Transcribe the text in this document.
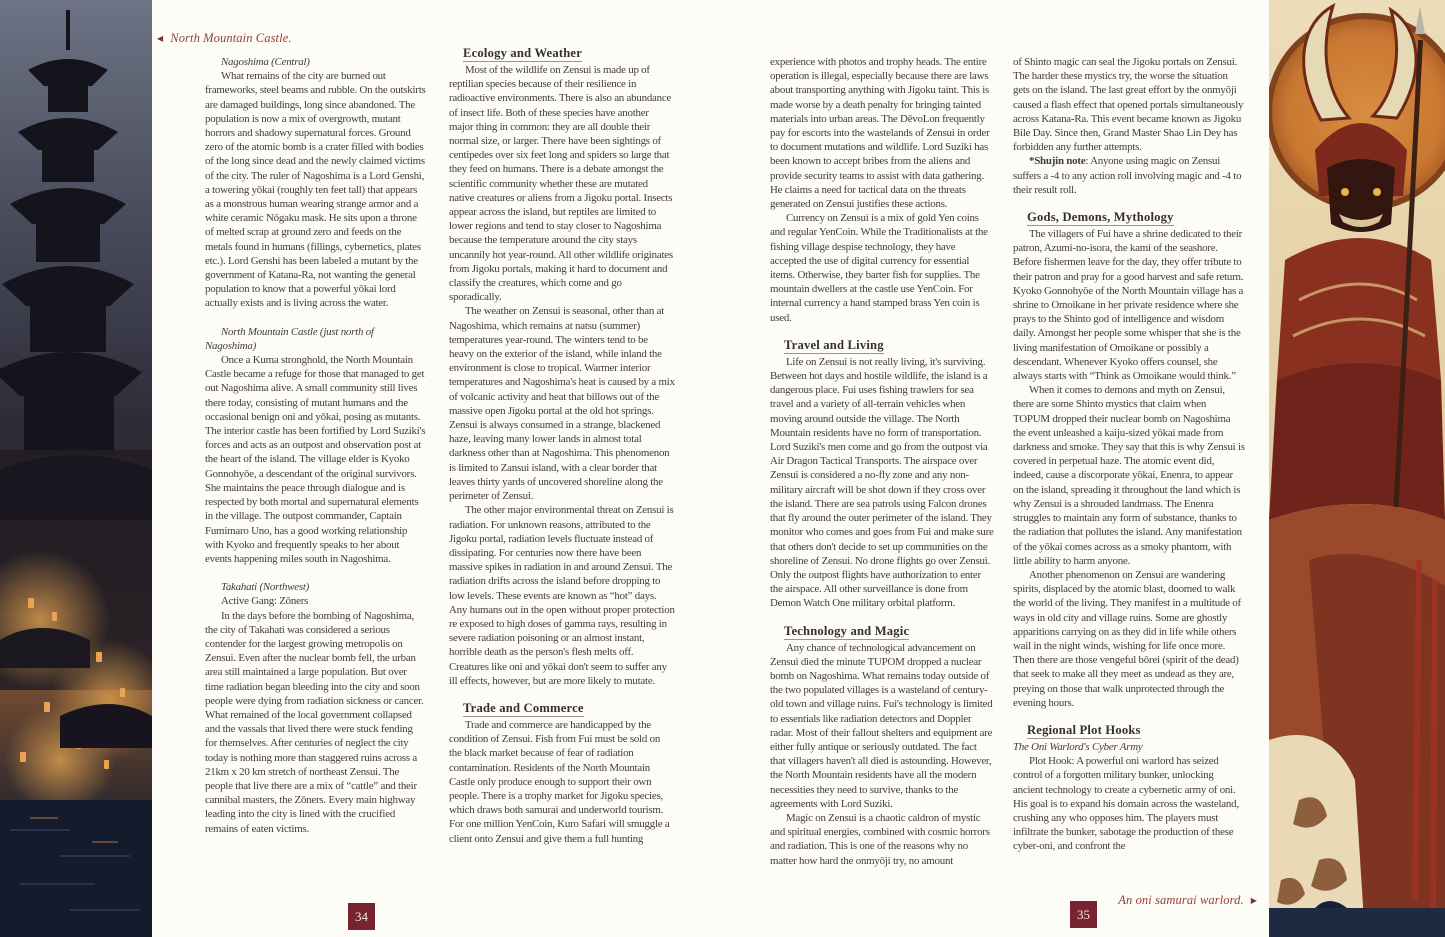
◀ North Mountain Castle.

Nagoshima (Central)

What remains of the city are burned out frameworks, steel beams and rubble. On the outskirts are damaged buildings, long since abandoned. The population is now a mix of overgrowth, mutant horrors and shadowy supernatural forces. Ground zero of the atomic bomb is a crater filled with bodies of the long since dead and the newly claimed victims of the city. The ruler of Nagoshima is a Lord Genshi, a towering yōkai (roughly ten feet tall) that appears as a monstrous human wearing strange armor and a white ceramic Nōgaku mask. He sits upon a throne of melted scrap at ground zero and feeds on the metals found in humans (fillings, cybernetics, plates etc.). Lord Genshi has been labeled a mutant by the government of Katana-Ra, not wanting the general population to know that a powerful yōkai lord actually exists and is living across the water.

North Mountain Castle (just north of Nagoshima)

Once a Kuma stronghold, the North Mountain Castle became a refuge for those that managed to get out Nagoshima alive. A small community still lives there today, consisting of mutant humans and the occasional benign oni and yōkai, posing as mutants. The interior castle has been fortified by Lord Suziki's forces and acts as an outpost and observation post at the heart of the island. The village elder is Kyoko Gonnohyōe, a descendant of the original survivors. She maintains the peace through dialogue and is respected by both mortal and supernatural elements in the village. The outpost commander, Captain Fumimaro Uno, has a good working relationship with Kyoko and frequently speaks to her about events happening miles south in Nagoshima.

Takahati (Northwest)

Active Gang: Zōners

In the days before the bombing of Nagoshima, the city of Takahati was considered a serious contender for the largest growing metropolis on Zensui. Even after the nuclear bomb fell, the urban area still maintained a large population. But over time radiation began bleeding into the city and soon people were dying from radiation sickness or cancer. What remained of the local government collapsed and the vassals that lived there were stuck fending for themselves. After centuries of neglect the city today is nothing more than staggered ruins across a 21km x 20 km stretch of northeast Zensui. The people that live there are a mix of “cattle” and their cannibal masters, the Zōners. Every main highway leading into the city is lined with the crucified remains of eaten victims.

Ecology and Weather

Most of the wildlife on Zensui is made up of reptilian species because of their resilience in radioactive environments. There is also an abundance of insect life. Both of these species have another major thing in common: they are all double their normal size, or larger. There have been sightings of centipedes over six feet long and spiders so large that they feed on humans. There is a debate amongst the scientific community whether these are mutated native creatures or aliens from a Jigoku portal. Insects appear across the island, but reptiles are limited to lower regions and tend to stay closer to Nagoshima because the temperature around the city stays uncannily hot year-round. All other wildlife originates from Jigoku portals, making it hard to document and classify the creatures, which come and go sporadically.

The weather on Zensui is seasonal, other than at Nagoshima, which remains at natsu (summer) temperatures year-round. The winters tend to be heavy on the exterior of the island, while inland the environment is close to tropical. Warmer interior temperatures and Nagoshima's heat is caused by a mix of volcanic activity and heat that billows out of the massive open Jigoku portal at the old hot springs. Zensui is always consumed in a strange, blackened haze, leaving many lower lands in almost total darkness other than at Nagoshima. This phenomenon is limited to Zansui island, with a clear border that leaves thirty yards of uncovered shoreline along the perimeter of Zensui.

The other major environmental threat on Zensui is radiation. For unknown reasons, attributed to the Jigoku portal, radiation levels fluctuate instead of dissipating. For centuries now there have been massive spikes in radiation in and around Zensui. The radiation drifts across the island before dropping to low levels. These events are known as “hot” days. Any humans out in the open without proper protection re exposed to high doses of gamma rays, resulting in severe radiation poisoning or an almost instant, horrible death as the person's flesh melts off. Creatures like oni and yōkai don't seem to suffer any ill effects, however, but are more likely to mutate.

Trade and Commerce

Trade and commerce are handicapped by the condition of Zensui. Fish from Fui must be sold on the black market because of fear of radiation contamination. Residents of the North Mountain Castle only produce enough to support their own people. There is a trophy market for Jigoku species, which draws both samurai and underworld tourism. For one million YenCoin, Kuro Safari will smuggle a client onto Zensui and give them a full hunting

experience with photos and trophy heads. The entire operation is illegal, especially because there are laws about transporting anything with Jigoku taint. This is made worse by a death penalty for bringing tainted materials into urban areas. The DēvoLon frequently pay for escorts into the wastelands of Zensui in order to document mutations and wildlife. Lord Suziki has been known to accept bribes from the aliens and provide security teams to assist with data gathering. He claims a need for tactical data on the threats generated on Zensui justifies these actions.

Currency on Zensui is a mix of gold Yen coins and regular YenCoin. While the Traditionalists at the fishing village despise technology, they have accepted the use of digital currency for essential items. Otherwise, they barter fish for supplies. The mountain dwellers at the castle use YenCoin. For internal currency a hand stamped brass Yen coin is used.

Travel and Living

Life on Zensui is not really living, it's surviving. Between hot days and hostile wildlife, the island is a dangerous place. Fui uses fishing trawlers for sea travel and a variety of all-terrain vehicles when moving around outside the village. The North Mountain residents have no form of transportation. Lord Suziki's men come and go from the outpost via Air Dragon Tactical Transports. The airspace over Zensui is considered a no-fly zone and any non-military aircraft will be shot down if they cross over the island. There are sea patrols using Falcon drones that fly around the outer perimeter of the island. They monitor who comes and goes from Fui and make sure that others don't decide to set up communities on the shoreline of Zensui. No drone flights go over Zensui. Only the outpost flights have authorization to enter the airspace. All other surveillance is done from Demon Watch One military orbital platform.

Technology and Magic

Any chance of technological advancement on Zensui died the minute TUPOM dropped a nuclear bomb on Nagoshima. What remains today outside of the two populated villages is a wasteland of century-old town and village ruins. Fui's technology is limited to essentials like radiation detectors and Doppler radar. Most of their fallout shelters and equipment are either fully antique or seriously outdated. The fact that villagers haven't all died is astounding. However, the North Mountain residents have all the modern necessities they need to survive, thanks to the agreements with Lord Suziki.

Magic on Zensui is a chaotic caldron of mystic and spiritual energies, combined with cosmic horrors and radiation. This is one of the reasons why no matter how hard the onmyōji try, no amount

of Shinto magic can seal the Jigoku portals on Zensui. The harder these mystics try, the worse the situation gets on the island. The last great effort by the onmyōji caused a flash effect that opened portals simultaneously across Katana-Ra. This event became known as Jigoku Bile Day. Since then, Grand Master Shao Lin Dey has forbidden any further attempts.

*Shujin note: Anyone using magic on Zensui suffers a -4 to any action roll involving magic and -4 to their result roll.

Gods, Demons, Mythology

The villagers of Fui have a shrine dedicated to their patron, Azumi-no-isora, the kami of the seashore. Before fishermen leave for the day, they offer tribute to their patron and pray for a good harvest and safe return. Kyoko Gonnohyōe of the North Mountain village has a shrine to Omoikane in her private residence where she prays to the Shinto god of intelligence and wisdom daily. Amongst her people some whisper that she is the living manifestation of Omoikane or possibly a descendant. Whenever Kyoko offers counsel, she always starts with “Think as Omoikane would think.”

When it comes to demons and myth on Zensui, there are some Shinto mystics that claim when TOPUM dropped their nuclear bomb on Nagoshima the event unleashed a kaiju-sized yōkai made from darkness and smoke. They say that this is why Zensui is covered in perpetual haze. The atomic event did, indeed, cause a discorporate yōkai, Enenra, to appear on the island, spreading it throughout the land which is why Zensui is a shrouded landmass. The Enenra struggles to maintain any form of substance, thanks to the radiation that pollutes the island. Any manifestation of the yōkai comes across as a smoky phantom, with little ability to harm anyone.

Another phenomenon on Zensui are wandering spirits, displaced by the atomic blast, doomed to walk the world of the living. They manifest in a multitude of ways in old city and village ruins. Some are ghostly apparitions carrying on as they did in life while others wail in the night winds, wishing for life once more. Then there are those vengeful bōrei (spirit of the dead) that seek to make all they meet as undead as they are, preying on those that walk unprotected through the evening hours.

Regional Plot Hooks

The Oni Warlord's Cyber Army

Plot Hook: A powerful oni warlord has seized control of a forgotten military bunker, unlocking ancient technology to create a cybernetic army of oni. His goal is to expand his domain across the wasteland, crushing any who opposes him. The players must infiltrate the bunker, sabotage the production of these cyber-oni, and confront the

An oni samurai warlord. ▶
34	35
